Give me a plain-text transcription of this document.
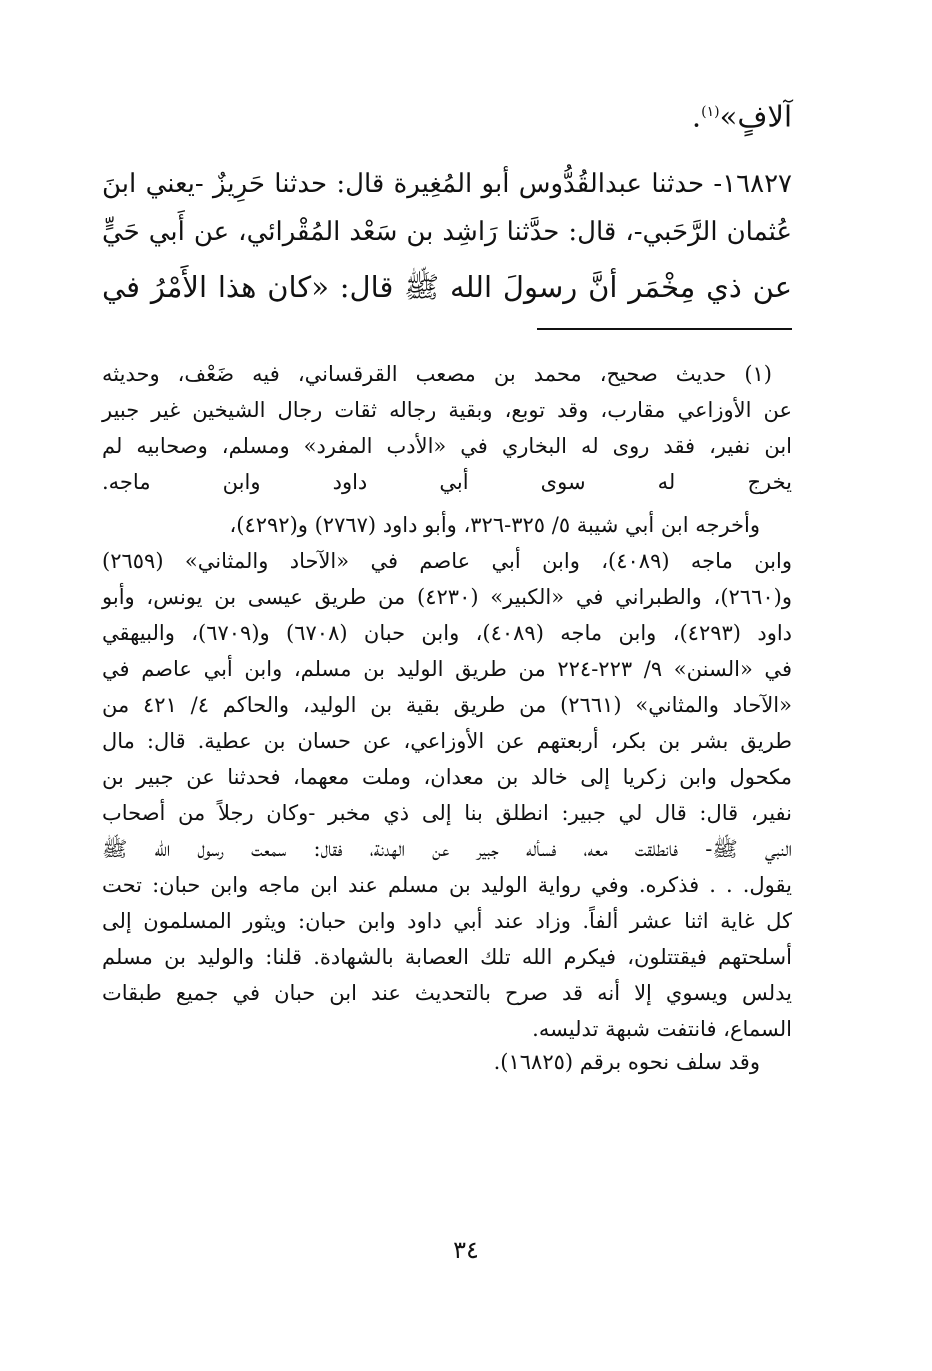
آلافٍ»$^{(١)}$.
١٦٨٢٧- حدثنا عبدالقُدُّوس أبو المُغِيرة قال: حدثنا حَرِيزٌ -يعني ابنَ
عُثمان الرَّحَبي-، قال: حدَّثنا رَاشِد بن سَعْد المُقْرائي، عن أَبي حَيٍّ
عن ذي مِخْمَر أنَّ رسولَ الله ﷺ قال: «كان هذا الأَمْرُ في
(١) حديث صحيح، محمد بن مصعب القرقساني، فيه ضَعْف، وحديثه
عن الأوزاعي مقارب، وقد توبع، وبقية رجاله ثقات رجال الشيخين غير جبير
ابن نفير، فقد روى له البخاري في «الأدب المفرد» ومسلم، وصحابيه لم
يخرج له سوى أبي داود وابن ماجه.
وأخرجه ابن أبي شيبة ٥/ ٣٢٥-٣٢٦، وأبو داود (٢٧٦٧) و(٤٢٩٢)،
وابن ماجه (٤٠٨٩)، وابن أبي عاصم في «الآحاد والمثاني» (٢٦٥٩)
و(٢٦٦٠)، والطبراني في «الكبير» (٤٢٣٠) من طريق عيسى بن يونس، وأبو
داود (٤٢٩٣)، وابن ماجه (٤٠٨٩)، وابن حبان (٦٧٠٨) و(٦٧٠٩)، والبيهقي
في «السنن» ٩/ ٢٢٣-٢٢٤ من طريق الوليد بن مسلم، وابن أبي عاصم في
«الآحاد والمثاني» (٢٦٦١) من طريق بقية بن الوليد، والحاكم ٤/ ٤٢١ من
طريق بشر بن بكر، أربعتهم عن الأوزاعي، عن حسان بن عطية. قال: مال
مكحول وابن زكريا إلى خالد بن معدان، وملت معهما، فحدثنا عن جبير بن
نفير، قال: قال لي جبير: انطلق بنا إلى ذي مخبر -وكان رجلاً من أصحاب
النبي ﷺ- فانطلقت معه، فسأله جبير عن الهدنة، فقال: سمعت رسول الله ﷺ
يقول. . . فذكره. وفي رواية الوليد بن مسلم عند ابن ماجه وابن حبان: تحت
كل غاية اثنا عشر ألفاً. وزاد عند أبي داود وابن حبان: ويثور المسلمون إلى
أسلحتهم فيقتتلون، فيكرم الله تلك العصابة بالشهادة. قلنا: والوليد بن مسلم
يدلس ويسوي إلا أنه قد صرح بالتحديث عند ابن حبان في جميع طبقات
السماع، فانتفت شبهة تدليسه.
وقد سلف نحوه برقم (١٦٨٢٥).
٣٤
